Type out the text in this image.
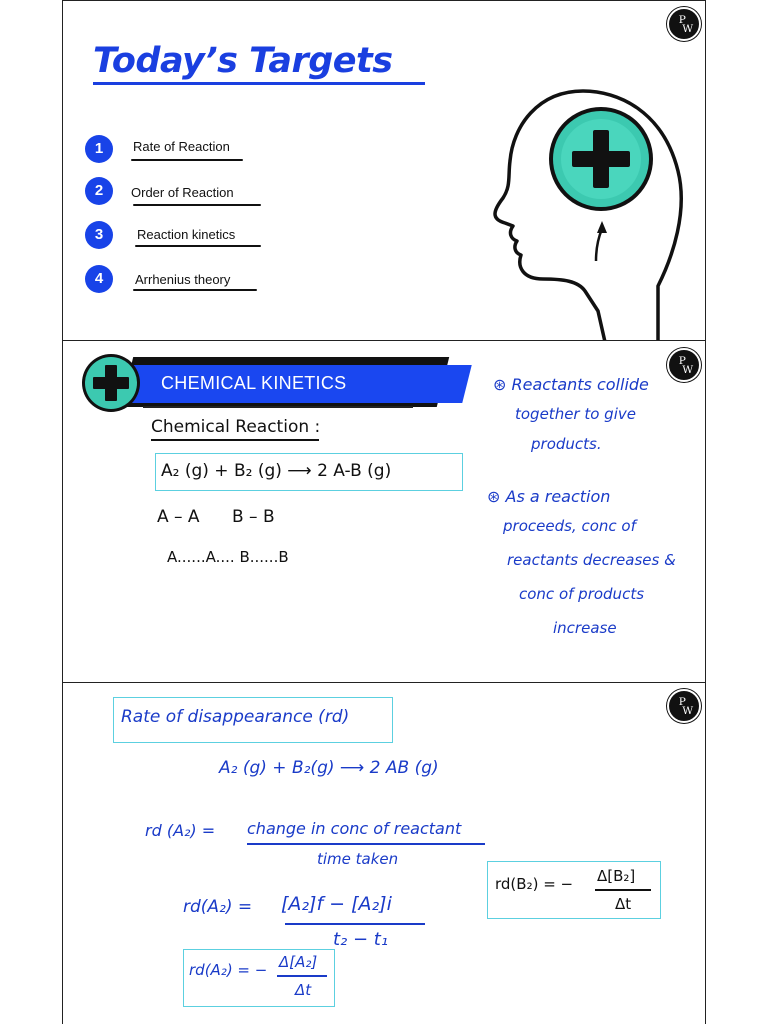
P
W
Today’s Targets
1	Rate of Reaction
2	Order of Reaction
3	Reaction kinetics
4	Arrhenius theory
P
W
CHEMICAL KINETICS
Chemical Reaction :
A₂ (g) + B₂ (g) ⟶ 2 A-B (g)
A – A      B – B
A......A.... B......B
⊛ Reactants collide
together to give
products.
⊛ As a reaction
proceeds, conc of
reactants decreases &
conc of products
increase
P
W
Rate of disappearance (rd)
A₂ (g) + B₂(g) ⟶ 2 AB (g)
rd (A₂) = change in conc of reactant
time taken
rd(A₂) = [A₂]f − [A₂]i
t₂ − t₁
rd(A₂) = − Δ[A₂]
Δt
rd(B₂) = − Δ[B₂]
Δt
